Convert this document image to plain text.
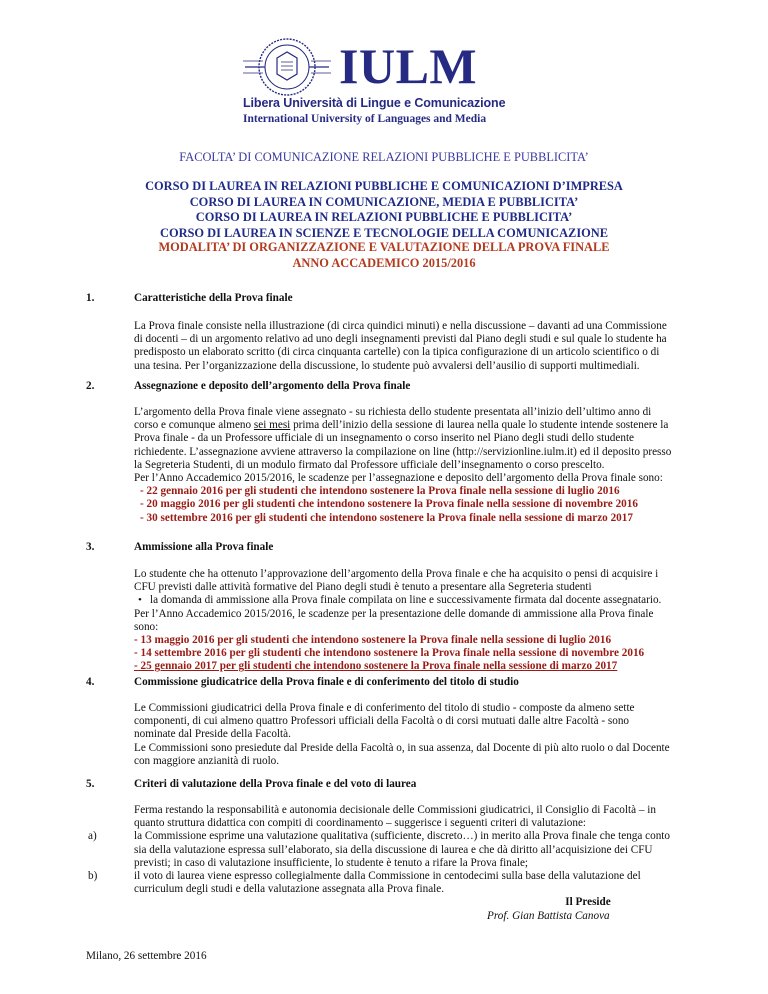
IULM
Libera Università di Lingue e Comunicazione
International University of Languages and Media
FACOLTA’ DI COMUNICAZIONE RELAZIONI PUBBLICHE E PUBBLICITA’
CORSO DI LAUREA IN RELAZIONI PUBBLICHE E COMUNICAZIONI D’IMPRESA
CORSO DI LAUREA IN COMUNICAZIONE, MEDIA E PUBBLICITA’
CORSO DI LAUREA IN RELAZIONI PUBBLICHE E PUBBLICITA’
CORSO DI LAUREA IN SCIENZE E TECNOLOGIE DELLA COMUNICAZIONE
MODALITA’ DI ORGANIZZAZIONE E VALUTAZIONE DELLA PROVA FINALE
ANNO ACCADEMICO 2015/2016
1.	Caratteristiche della Prova finale
La Prova finale consiste nella illustrazione (di circa quindici minuti) e nella discussione – davanti ad una Commissione
di docenti – di un argomento relativo ad uno degli insegnamenti previsti dal Piano degli studi e sul quale lo studente ha
predisposto un elaborato scritto (di circa cinquanta cartelle) con la tipica configurazione di un articolo scientifico o di
una tesina. Per l’organizzazione della discussione, lo studente può avvalersi dell’ausilio di supporti multimediali.
2.	Assegnazione e deposito dell’argomento della Prova finale
L’argomento della Prova finale viene assegnato - su richiesta dello studente presentata all’inizio dell’ultimo anno di
corso e comunque almeno sei mesi prima dell’inizio della sessione di laurea nella quale lo studente intende sostenere la
Prova finale - da un Professore ufficiale di un insegnamento o corso inserito nel Piano degli studi dello studente
richiedente. L’assegnazione avviene attraverso la compilazione on line (http://servizionline.iulm.it) ed il deposito presso
la Segreteria Studenti, di un modulo firmato dal Professore ufficiale dell’insegnamento o corso prescelto.
Per l’Anno Accademico 2015/2016, le scadenze per l’assegnazione e deposito dell’argomento della Prova finale sono:
- 22 gennaio 2016 per gli studenti che intendono sostenere la Prova finale nella sessione di luglio 2016
- 20 maggio 2016 per gli studenti che intendono sostenere la Prova finale nella sessione di novembre 2016
- 30 settembre 2016 per gli studenti che intendono sostenere la Prova finale nella sessione di marzo 2017
3.	Ammissione alla Prova finale
Lo studente che ha ottenuto l’approvazione dell’argomento della Prova finale e che ha acquisito o pensi di acquisire i
CFU previsti dalle attività formative del Piano degli studi è tenuto a presentare alla Segreteria studenti
la domanda di ammissione alla Prova finale compilata on line e successivamente firmata dal docente assegnatario.
Per l’Anno Accademico 2015/2016, le scadenze per la presentazione delle domande di ammissione alla Prova finale
sono:
- 13 maggio 2016 per gli studenti che intendono sostenere la Prova finale nella sessione di luglio 2016
- 14 settembre 2016 per gli studenti che intendono sostenere la Prova finale nella sessione di novembre 2016
- 25 gennaio 2017 per gli studenti che intendono sostenere la Prova finale nella sessione di marzo 2017
•
4.	Commissione giudicatrice della Prova finale e di conferimento del titolo di studio
Le Commissioni giudicatrici della Prova finale e di conferimento del titolo di studio - composte da almeno sette
componenti, di cui almeno quattro Professori ufficiali della Facoltà o di corsi mutuati dalle altre Facoltà - sono
nominate dal Preside della Facoltà.
Le Commissioni sono presiedute dal Preside della Facoltà o, in sua assenza, dal Docente di più alto ruolo o dal Docente
con maggiore anzianità di ruolo.
5.	Criteri di valutazione della Prova finale e del voto di laurea
Ferma restando la responsabilità e autonomia decisionale delle Commissioni giudicatrici, il Consiglio di Facoltà – in
quanto struttura didattica con compiti di coordinamento – suggerisce i seguenti criteri di valutazione:
la Commissione esprime una valutazione qualitativa (sufficiente, discreto…) in merito alla Prova finale che tenga conto
sia della valutazione espressa sull’elaborato, sia della discussione di laurea e che dà diritto all’acquisizione dei CFU
previsti; in caso di valutazione insufficiente, lo studente è tenuto a rifare la Prova finale;
il voto di laurea viene espresso collegialmente dalla Commissione in centodecimi sulla base della valutazione del
curriculum degli studi e della valutazione assegnata alla Prova finale.
a)
b)
Il Preside
Prof. Gian Battista Canova
Milano, 26 settembre 2016
